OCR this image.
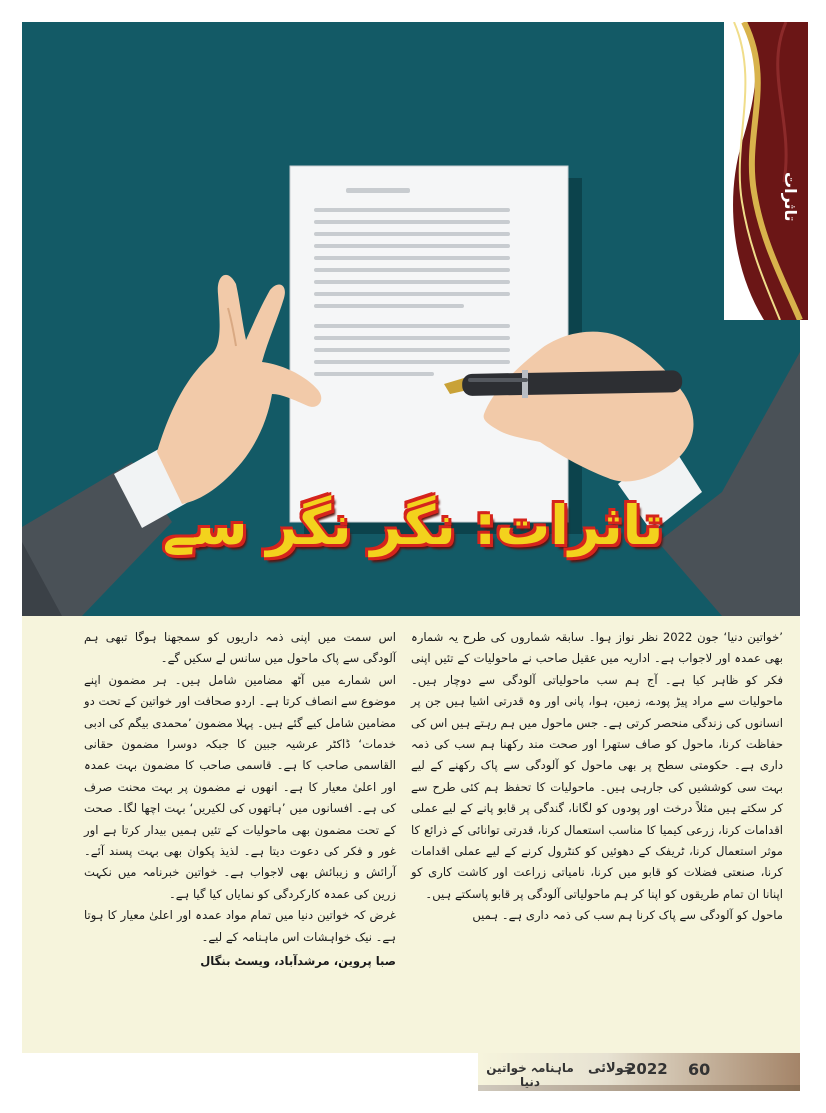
تاثرات
تاثرات: نگر نگر سے

’خواتین دنیا‘ جون 2022 نظر نواز ہوا۔ سابقہ شماروں کی طرح یہ شمارہ بھی عمدہ اور لاجواب ہے۔ اداریہ میں عقیل صاحب نے ماحولیات کے تئیں اپنی فکر کو ظاہر کیا ہے۔ آج ہم سب ماحولیاتی آلودگی سے دوچار ہیں۔ ماحولیات سے مراد پیڑ پودے، زمین، ہوا، پانی اور وہ قدرتی اشیا ہیں جن پر انسانوں کی زندگی منحصر کرتی ہے۔ جس ماحول میں ہم رہتے ہیں اس کی حفاظت کرنا، ماحول کو صاف ستھرا اور صحت مند رکھنا ہم سب کی ذمہ داری ہے۔ حکومتی سطح پر بھی ماحول کو آلودگی سے پاک رکھنے کے لیے بہت سی کوششیں کی جارہی ہیں۔ ماحولیات کا تحفظ ہم کئی طرح سے کر سکتے ہیں مثلاً درخت اور پودوں کو لگانا، گندگی پر قابو پانے کے لیے عملی اقدامات کرنا، زرعی کیمیا کا مناسب استعمال کرنا، قدرتی توانائی کے ذرائع کا موثر استعمال کرنا، ٹریفک کے دھوئیں کو کنٹرول کرنے کے لیے عملی اقدامات کرنا، صنعتی فضلات کو قابو میں کرنا، نامیاتی زراعت اور کاشت کاری کو اپنانا ان تمام طریقوں کو اپنا کر ہم ماحولیاتی آلودگی پر قابو پاسکتے ہیں۔

ماحول کو آلودگی سے پاک کرنا ہم سب کی ذمہ داری ہے۔ ہمیں

اس سمت میں اپنی ذمہ داریوں کو سمجھنا ہوگا تبھی ہم آلودگی سے پاک ماحول میں سانس لے سکیں گے۔

اس شمارے میں آٹھ مضامین شامل ہیں۔ ہر مضمون اپنے موضوع سے انصاف کرتا ہے۔ اردو صحافت اور خواتین کے تحت دو مضامین شامل کیے گئے ہیں۔ پہلا مضمون ’محمدی بیگم کی ادبی خدمات‘ ڈاکٹر عرشیہ جبین کا جبکہ دوسرا مضمون حقانی القاسمی صاحب کا ہے۔ قاسمی صاحب کا مضمون بہت عمدہ اور اعلیٰ معیار کا ہے۔ انھوں نے مضمون پر بہت محنت صرف کی ہے۔ افسانوں میں ’ہاتھوں کی لکیریں‘ بہت اچھا لگا۔ صحت کے تحت مضمون بھی ماحولیات کے تئیں ہمیں بیدار کرتا ہے اور غور و فکر کی دعوت دیتا ہے۔ لذیذ پکوان بھی بہت پسند آئے۔ آرائش و زیبائش بھی لاجواب ہے۔ خواتین خبرنامہ میں نکہت زرین کی عمدہ کارکردگی کو نمایاں کیا گیا ہے۔

غرض کہ خواتین دنیا میں تمام مواد عمدہ اور اعلیٰ معیار کا ہوتا ہے۔ نیک خواہشات اس ماہنامہ کے لیے۔

صبا پروین، مرشدآباد، ویسٹ بنگال

60
2022
جولائی
ماہنامہ خواتین دنیا
